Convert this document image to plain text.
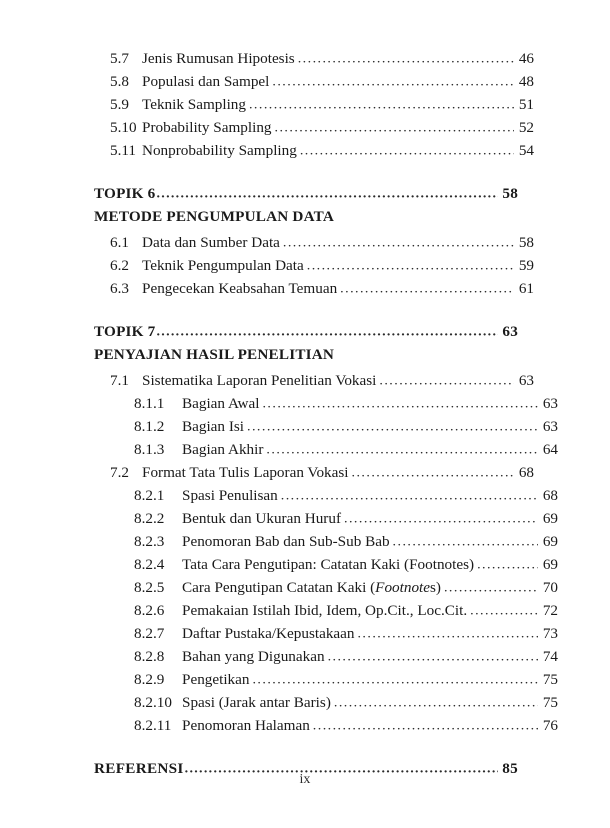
5.7 Jenis Rumusan Hipotesis .....	46
5.8 Populasi dan Sampel .....	48
5.9 Teknik Sampling .....	51
5.10 Probability Sampling .....	52
5.11 Nonprobability Sampling .....	54
TOPIK 6 .....	58
METODE PENGUMPULAN DATA
6.1 Data dan Sumber Data .....	58
6.2 Teknik Pengumpulan Data .....	59
6.3 Pengecekan Keabsahan Temuan .....	61
TOPIK 7 .....	63
PENYAJIAN HASIL PENELITIAN
7.1 Sistematika Laporan Penelitian Vokasi .....	63
8.1.1	Bagian Awal .....	63
8.1.2	Bagian Isi .....	63
8.1.3	Bagian Akhir .....	64
7.2 Format Tata Tulis Laporan Vokasi .....	68
8.2.1	Spasi Penulisan .....	68
8.2.2	Bentuk dan Ukuran Huruf .....	69
8.2.3	Penomoran Bab dan Sub-Sub Bab .....	69
8.2.4	Tata Cara Pengutipan: Catatan Kaki (Footnotes) .....	69
8.2.5	Cara Pengutipan Catatan Kaki (Footnotes) .....	70
8.2.6	Pemakaian Istilah Ibid, Idem, Op.Cit., Loc.Cit. .....	72
8.2.7	Daftar Pustaka/Kepustakaan .....	73
8.2.8	Bahan yang Digunakan .....	74
8.2.9	Pengetikan .....	75
8.2.10 Spasi (Jarak antar Baris) .....	75
8.2.11 Penomoran Halaman .....	76
REFERENSI .....	85
ix
